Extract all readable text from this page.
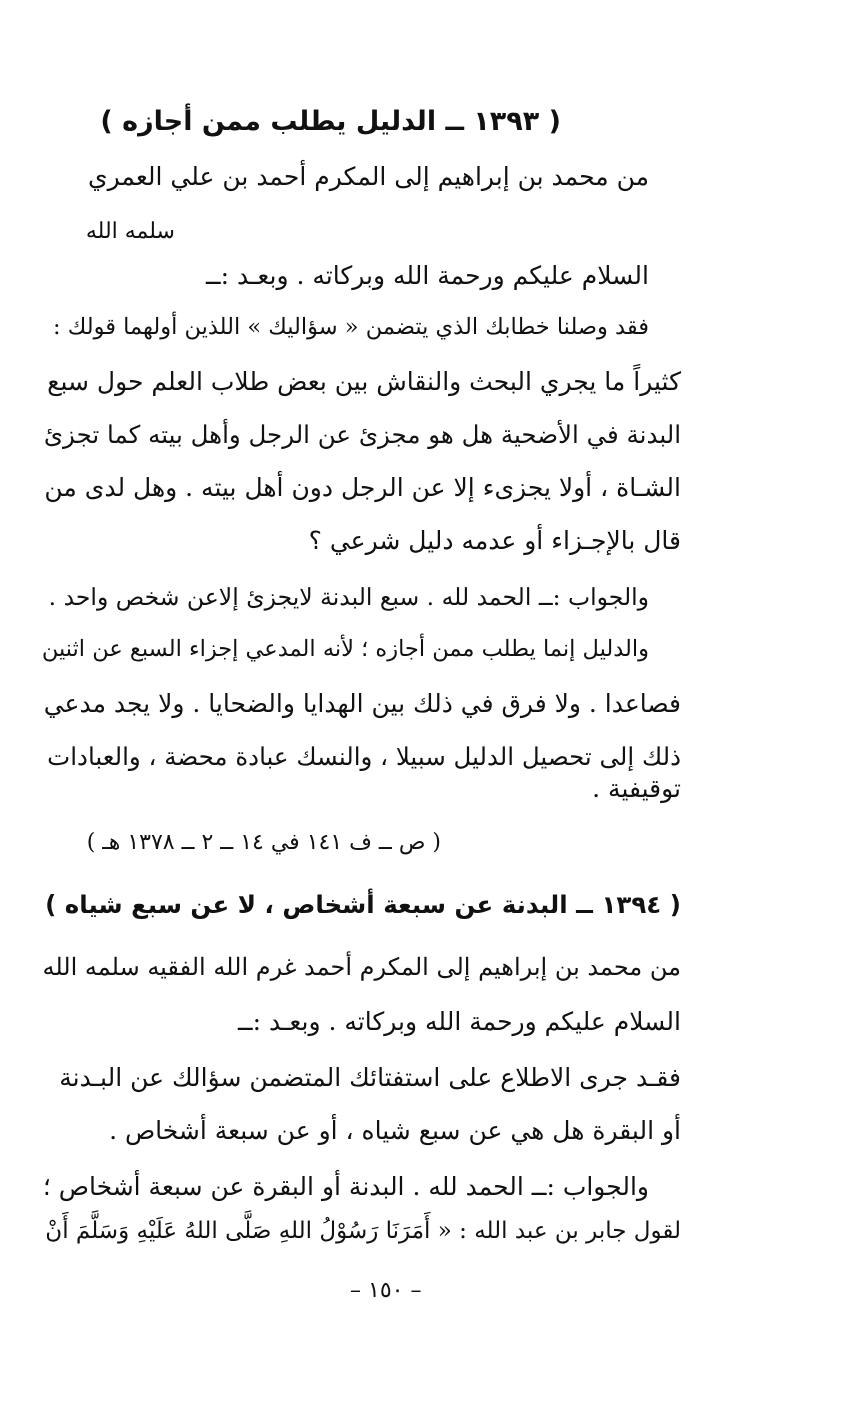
( ١٣٩٣ ــ الدليل يطلب ممن أجازه )
من محمد بن إبراهيم إلى المكرم أحمد بن علي العمري
سلمه الله
السلام عليكم ورحمة الله وبركاته . وبعـد :ــ
فقد وصلنا خطابك الذي يتضمن « سؤاليك » اللذين أولهما قولك :
كثيراً ما يجري البحث والنقاش بين بعض طلاب العلم حول سبع
البدنة في الأضحية هل هو مجزئ عن الرجل وأهل بيته كما تجزئ
الشـاة ، أولا يجزىء إلا عن الرجل دون أهل بيته . وهل لدى من
قال بالإجـزاء أو عدمه دليل شرعي ؟
والجواب :ــ الحمد لله . سبع البدنة لايجزئ إلاعن شخص واحد .
والدليل إنما يطلب ممن أجازه ؛ لأنه المدعي إجزاء السبع عن اثنين
فصاعدا . ولا فرق في ذلك بين الهدايا والضحايا . ولا يجد مدعي
ذلك إلى تحصيل الدليل سبيلا ، والنسك عبادة محضة ، والعبادات
توقيفية .
( ص ــ ف ١٤١ في ١٤ ــ ٢ ــ ١٣٧٨ هـ )
( ١٣٩٤ ــ البدنة عن سبعة أشخاص ، لا عن سبع شياه )
من محمد بن إبراهيم إلى المكرم أحمد غرم الله الفقيه سلمه الله
السلام عليكم ورحمة الله وبركاته . وبعـد :ــ
فقـد جرى الاطلاع على استفتائك المتضمن سؤالك عن البـدنة
أو البقرة هل هي عن سبع شياه ، أو عن سبعة أشخاص .
والجواب :ــ الحمد لله . البدنة أو البقرة عن سبعة أشخاص ؛
لقول جابر بن عبد الله : « أَمَرَنَا رَسُوْلُ اللهِ صَلَّى اللهُ عَلَيْهِ وَسَلَّمَ أَنْ
– ١٥٠ –
